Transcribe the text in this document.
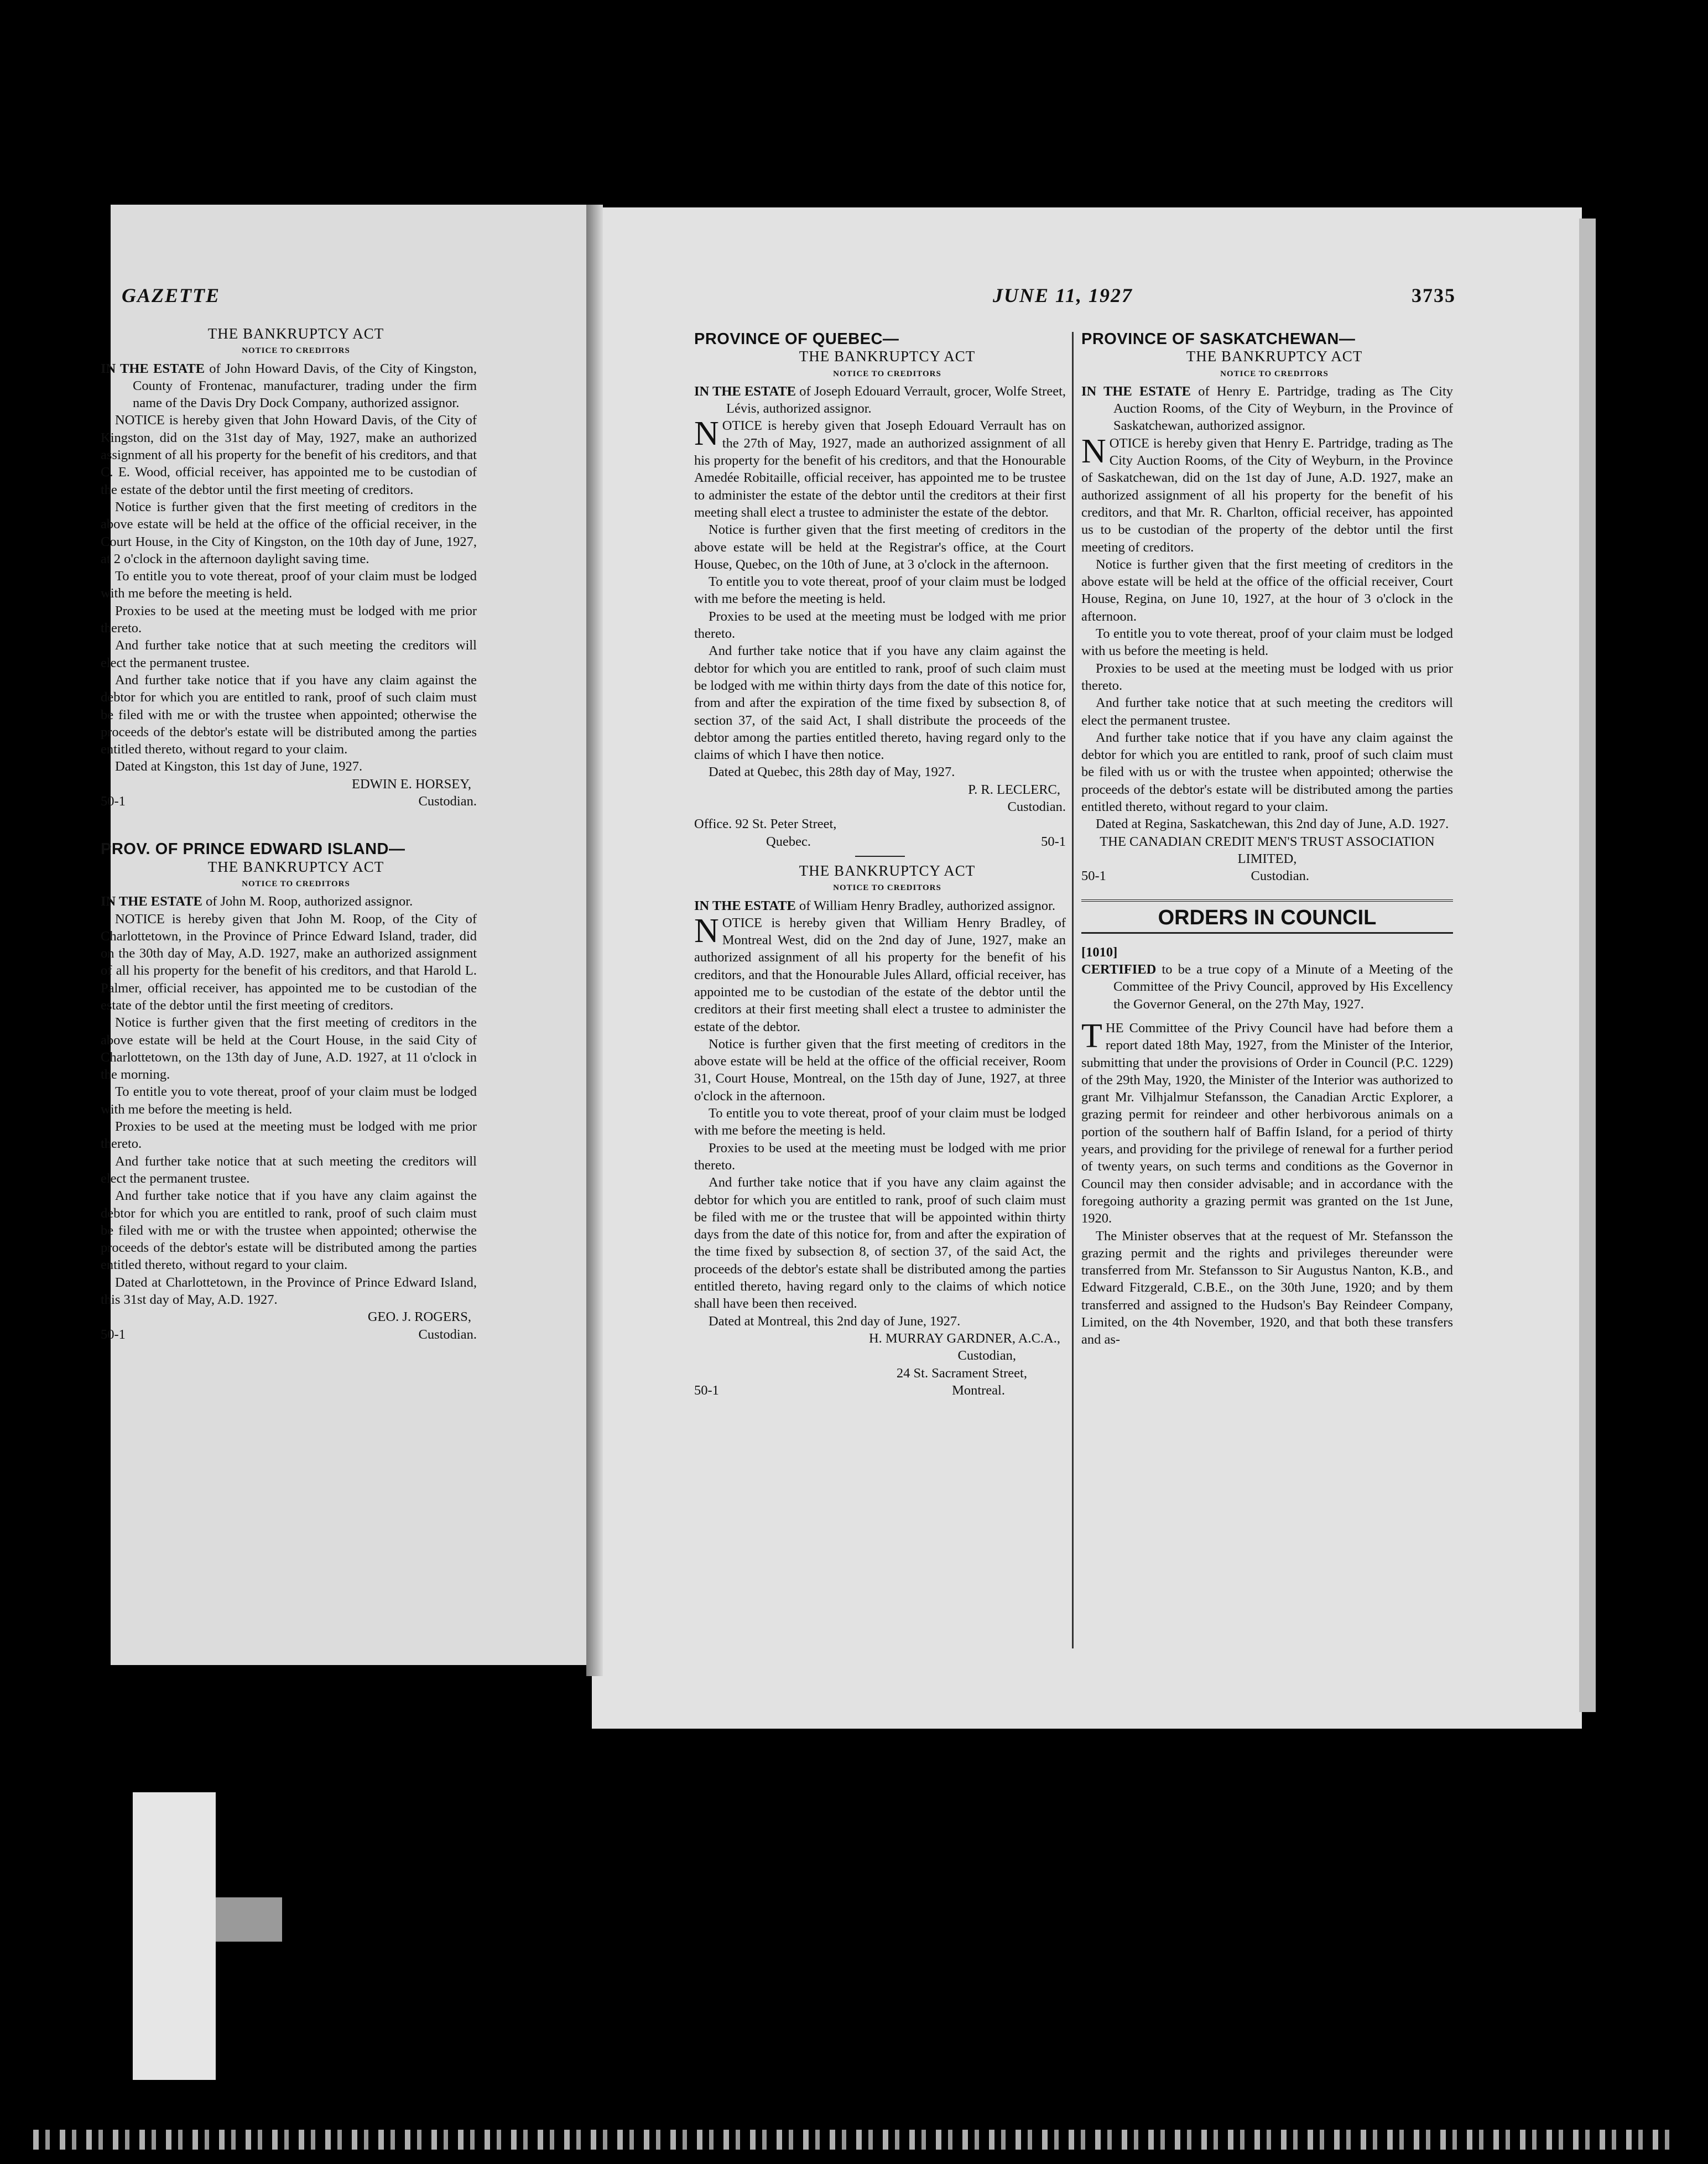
GAZETTE	JUNE 11, 1927	3735

THE BANKRUPTCY ACT

NOTICE TO CREDITORS

IN THE ESTATE of John Howard Davis, of the City of Kingston, County of Frontenac, manufacturer, trading under the firm name of the Davis Dry Dock Company, authorized assignor.

NOTICE is hereby given that John Howard Davis, of the City of Kingston, did on the 31st day of May, 1927, make an authorized assignment of all his property for the benefit of his creditors, and that C. E. Wood, official receiver, has appointed me to be custodian of the estate of the debtor until the first meeting of creditors.

Notice is further given that the first meeting of creditors in the above estate will be held at the office of the official receiver, in the Court House, in the City of Kingston, on the 10th day of June, 1927, at 2 o'clock in the afternoon daylight saving time.

To entitle you to vote thereat, proof of your claim must be lodged with me before the meeting is held.

Proxies to be used at the meeting must be lodged with me prior thereto.

And further take notice that at such meeting the creditors will elect the permanent trustee.

And further take notice that if you have any claim against the debtor for which you are entitled to rank, proof of such claim must be filed with me or with the trustee when appointed; otherwise the proceeds of the debtor's estate will be distributed among the parties entitled thereto, without regard to your claim.

Dated at Kingston, this 1st day of June, 1927.

EDWIN E. HORSEY,

50-1	Custodian.

PROV. OF PRINCE EDWARD ISLAND—

THE BANKRUPTCY ACT

NOTICE TO CREDITORS

IN THE ESTATE of John M. Roop, authorized assignor.

NOTICE is hereby given that John M. Roop, of the City of Charlottetown, in the Province of Prince Edward Island, trader, did on the 30th day of May, A.D. 1927, make an authorized assignment of all his property for the benefit of his creditors, and that Harold L. Palmer, official receiver, has appointed me to be custodian of the estate of the debtor until the first meeting of creditors.

Notice is further given that the first meeting of creditors in the above estate will be held at the Court House, in the said City of Charlottetown, on the 13th day of June, A.D. 1927, at 11 o'clock in the morning.

To entitle you to vote thereat, proof of your claim must be lodged with me before the meeting is held.

Proxies to be used at the meeting must be lodged with me prior thereto.

And further take notice that at such meeting the creditors will elect the permanent trustee.

And further take notice that if you have any claim against the debtor for which you are entitled to rank, proof of such claim must be filed with me or with the trustee when appointed; otherwise the proceeds of the debtor's estate will be distributed among the parties entitled thereto, without regard to your claim.

Dated at Charlottetown, in the Province of Prince Edward Island, this 31st day of May, A.D. 1927.

GEO. J. ROGERS,

50-1	Custodian.

PROVINCE OF QUEBEC—

THE BANKRUPTCY ACT

NOTICE TO CREDITORS

IN THE ESTATE of Joseph Edouard Verrault, grocer, Wolfe Street, Lévis, authorized assignor.

NOTICE is hereby given that Joseph Edouard Verrault has on the 27th of May, 1927, made an authorized assignment of all his property for the benefit of his creditors, and that the Honourable Amedée Robitaille, official receiver, has appointed me to be trustee to administer the estate of the debtor until the creditors at their first meeting shall elect a trustee to administer the estate of the debtor.

Notice is further given that the first meeting of creditors in the above estate will be held at the Registrar's office, at the Court House, Quebec, on the 10th of June, at 3 o'clock in the afternoon.

To entitle you to vote thereat, proof of your claim must be lodged with me before the meeting is held.

Proxies to be used at the meeting must be lodged with me prior thereto.

And further take notice that if you have any claim against the debtor for which you are entitled to rank, proof of such claim must be lodged with me within thirty days from the date of this notice for, from and after the expiration of the time fixed by subsection 8, of section 37, of the said Act, I shall distribute the proceeds of the debtor among the parties entitled thereto, having regard only to the claims of which I have then notice.

Dated at Quebec, this 28th day of May, 1927.

P. R. LECLERC,

Custodian.

Office. 92 St. Peter Street,

Quebec.	50-1

THE BANKRUPTCY ACT

NOTICE TO CREDITORS

IN THE ESTATE of William Henry Bradley, authorized assignor.

NOTICE is hereby given that William Henry Bradley, of Montreal West, did on the 2nd day of June, 1927, make an authorized assignment of all his property for the benefit of his creditors, and that the Honourable Jules Allard, official receiver, has appointed me to be custodian of the estate of the debtor until the creditors at their first meeting shall elect a trustee to administer the estate of the debtor.

Notice is further given that the first meeting of creditors in the above estate will be held at the office of the official receiver, Room 31, Court House, Montreal, on the 15th day of June, 1927, at three o'clock in the afternoon.

To entitle you to vote thereat, proof of your claim must be lodged with me before the meeting is held.

Proxies to be used at the meeting must be lodged with me prior thereto.

And further take notice that if you have any claim against the debtor for which you are entitled to rank, proof of such claim must be filed with me or the trustee that will be appointed within thirty days from the date of this notice for, from and after the expiration of the time fixed by subsection 8, of section 37, of the said Act, the proceeds of the debtor's estate shall be distributed among the parties entitled thereto, having regard only to the claims of which notice shall have been then received.

Dated at Montreal, this 2nd day of June, 1927.

H. MURRAY GARDNER, A.C.A.,

Custodian,

24 St. Sacrament Street,

50-1	Montreal.

PROVINCE OF SASKATCHEWAN—

THE BANKRUPTCY ACT

NOTICE TO CREDITORS

IN THE ESTATE of Henry E. Partridge, trading as The City Auction Rooms, of the City of Weyburn, in the Province of Saskatchewan, authorized assignor.

NOTICE is hereby given that Henry E. Partridge, trading as The City Auction Rooms, of the City of Weyburn, in the Province of Saskatchewan, did on the 1st day of June, A.D. 1927, make an authorized assignment of all his property for the benefit of his creditors, and that Mr. R. Charlton, official receiver, has appointed us to be custodian of the property of the debtor until the first meeting of creditors.

Notice is further given that the first meeting of creditors in the above estate will be held at the office of the official receiver, Court House, Regina, on June 10, 1927, at the hour of 3 o'clock in the afternoon.

To entitle you to vote thereat, proof of your claim must be lodged with us before the meeting is held.

Proxies to be used at the meeting must be lodged with us prior thereto.

And further take notice that at such meeting the creditors will elect the permanent trustee.

And further take notice that if you have any claim against the debtor for which you are entitled to rank, proof of such claim must be filed with us or with the trustee when appointed; otherwise the proceeds of the debtor's estate will be distributed among the parties entitled thereto, without regard to your claim.

Dated at Regina, Saskatchewan, this 2nd day of June, A.D. 1927.

THE CANADIAN CREDIT MEN'S TRUST ASSOCIATION LIMITED,

50-1	Custodian.
ORDERS IN COUNCIL

[1010]

CERTIFIED to be a true copy of a Minute of a Meeting of the Committee of the Privy Council, approved by His Excellency the Governor General, on the 27th May, 1927.

THE Committee of the Privy Council have had before them a report dated 18th May, 1927, from the Minister of the Interior, submitting that under the provisions of Order in Council (P.C. 1229) of the 29th May, 1920, the Minister of the Interior was authorized to grant Mr. Vilhjalmur Stefansson, the Canadian Arctic Explorer, a grazing permit for reindeer and other herbivorous animals on a portion of the southern half of Baffin Island, for a period of thirty years, and providing for the privilege of renewal for a further period of twenty years, on such terms and conditions as the Governor in Council may then consider advisable; and in accordance with the foregoing authority a grazing permit was granted on the 1st June, 1920.

The Minister observes that at the request of Mr. Stefansson the grazing permit and the rights and privileges thereunder were transferred from Mr. Stefansson to Sir Augustus Nanton, K.B., and Edward Fitzgerald, C.B.E., on the 30th June, 1920; and by them transferred and assigned to the Hudson's Bay Reindeer Company, Limited, on the 4th November, 1920, and that both these transfers and as-
